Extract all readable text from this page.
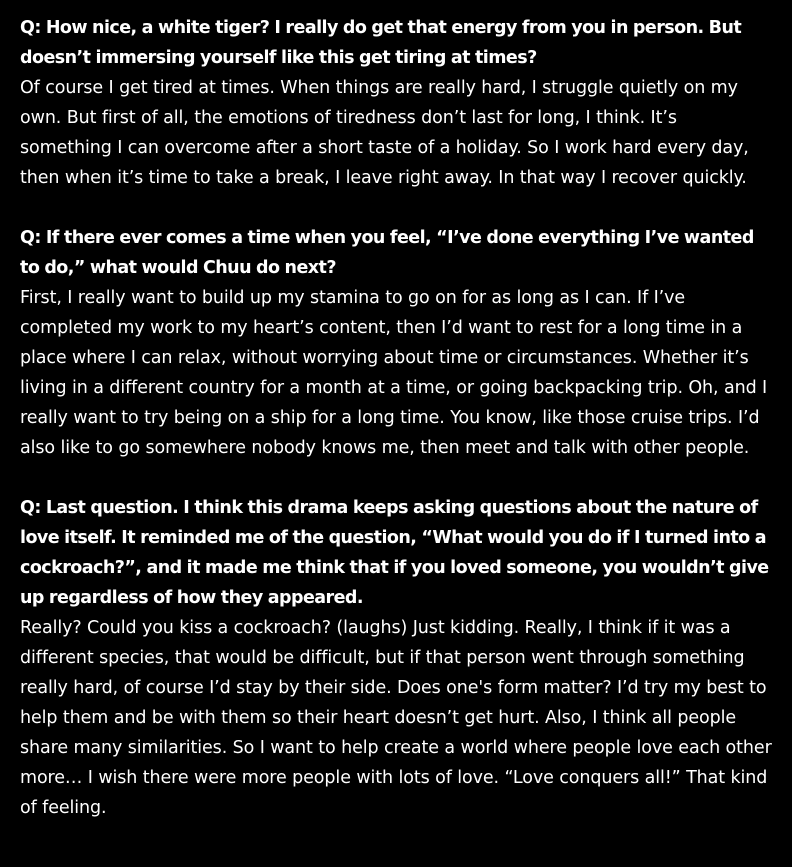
Q: How nice, a white tiger? I really do get that energy from you in person. But doesn’t immersing yourself like this get tiring at times?

Of course I get tired at times. When things are really hard, I struggle quietly on my own. But first of all, the emotions of tiredness don’t last for long, I think. It’s something I can overcome after a short taste of a holiday. So I work hard every day, then when it’s time to take a break, I leave right away. In that way I recover quickly.

Q: If there ever comes a time when you feel, “I’ve done everything I’ve wanted to do,” what would Chuu do next?

First, I really want to build up my stamina to go on for as long as I can. If I’ve completed my work to my heart’s content, then I’d want to rest for a long time in a place where I can relax, without worrying about time or circumstances. Whether it’s living in a different country for a month at a time, or going backpacking trip. Oh, and I really want to try being on a ship for a long time. You know, like those cruise trips. I’d also like to go somewhere nobody knows me, then meet and talk with other people.

Q: Last question. I think this drama keeps asking questions about the nature of love itself. It reminded me of the question, “What would you do if I turned into a cockroach?”, and it made me think that if you loved someone, you wouldn’t give up regardless of how they appeared.

Really? Could you kiss a cockroach? (laughs) Just kidding. Really, I think if it was a different species, that would be difficult, but if that person went through something really hard, of course I’d stay by their side. Does one's form matter? I’d try my best to help them and be with them so their heart doesn’t get hurt. Also, I think all people share many similarities. So I want to help create a world where people love each other more… I wish there were more people with lots of love. “Love conquers all!” That kind of feeling.
